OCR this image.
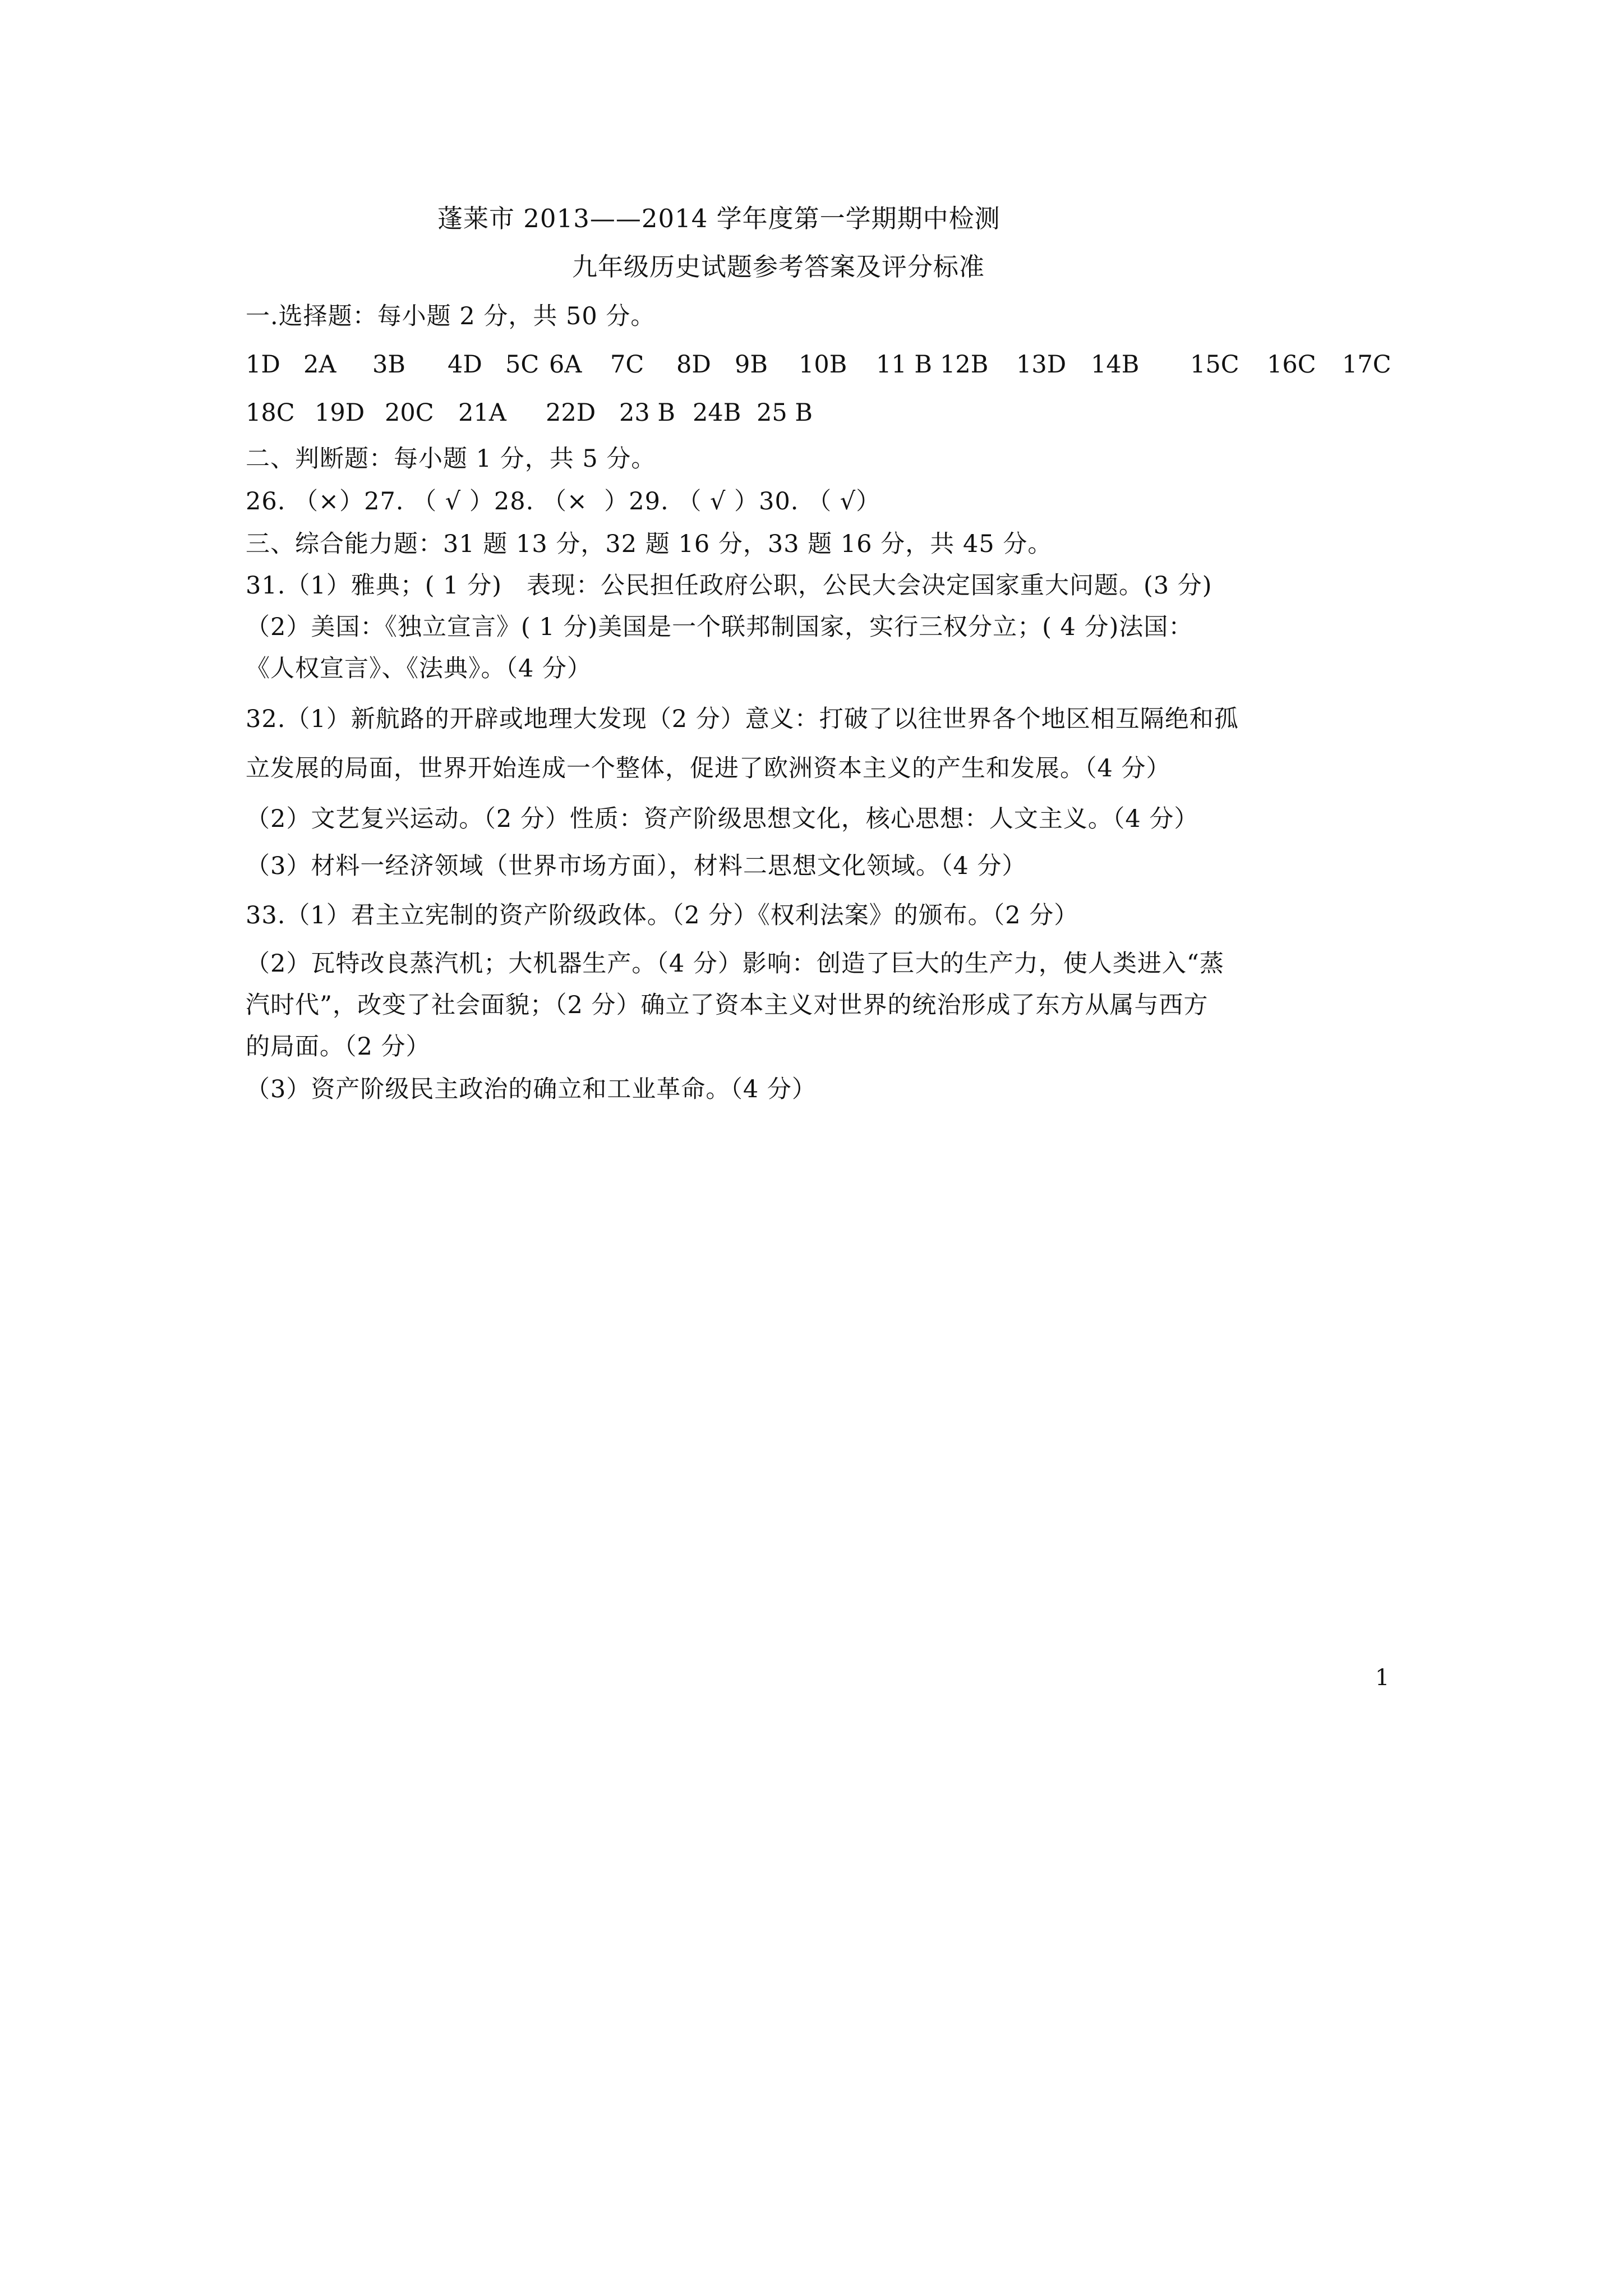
蓬莱市 2013——2014 学年度第一学期期中检测
九年级历史试题参考答案及评分标准
一.选择题：每小题 2 分，共 50 分。
1D 2A	3B	4D 5C 6A	7C	8D 9B	10B	11 B 12B	13D	14B	15C	16C	17C
18C 19D 20C	21A	22D 23 B 24B 25 B
二、判断题：每小题 1 分，共 5 分。
26. （×）27. （ √ ）28. （×  ）29. （ √ ）30. （ √）
三、综合能力题：31 题 13 分，32 题 16 分，33 题 16 分，共 45 分。
31.（1）雅典；( 1 分)   表现：公民担任政府公职，公民大会决定国家重大问题。(3 分)
（2）美国：《独立宣言》( 1 分)美国是一个联邦制国家，实行三权分立；( 4 分)法国：
《人权宣言》、《法典》。（4 分）
32.（1）新航路的开辟或地理大发现（2 分）意义：打破了以往世界各个地区相互隔绝和孤
立发展的局面，世界开始连成一个整体，促进了欧洲资本主义的产生和发展。（4 分）
（2）文艺复兴运动。（2 分）性质：资产阶级思想文化，核心思想：人文主义。（4 分）
（3）材料一经济领域（世界市场方面），材料二思想文化领域。（4 分）
33.（1）君主立宪制的资产阶级政体。（2 分）《权利法案》的颁布。（2 分）
（2）瓦特改良蒸汽机；大机器生产。（4 分）影响：创造了巨大的生产力，使人类进入“蒸
汽时代”，改变了社会面貌；（2 分）确立了资本主义对世界的统治形成了东方从属与西方
的局面。（2 分）
（3）资产阶级民主政治的确立和工业革命。（4 分）
1
